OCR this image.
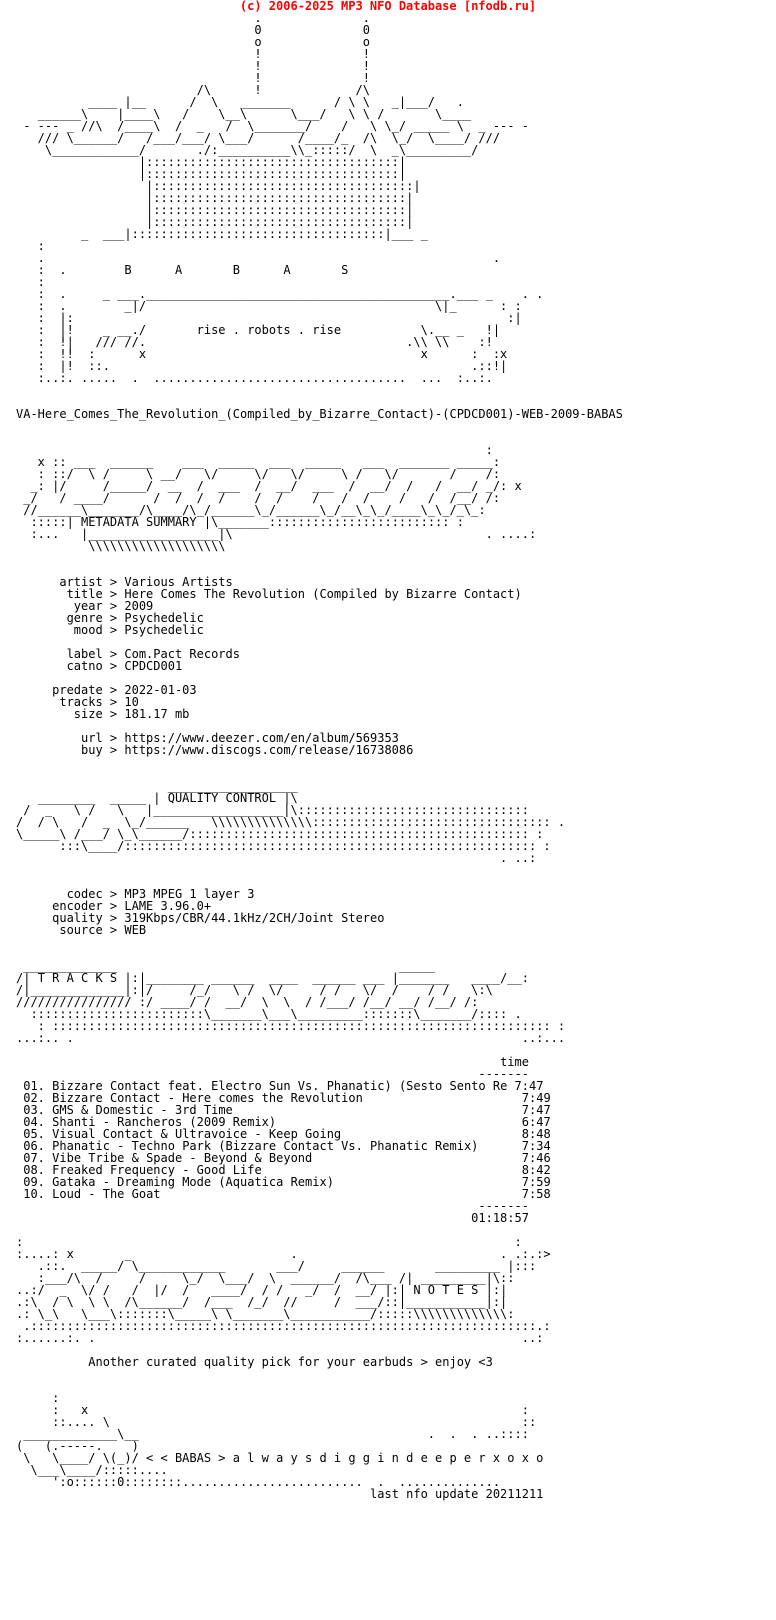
(c) 2006-2025 MP3 NFO Database [nfodb.ru]
.              .
0              0
o              o
!              !
!              !
!              !
/\      !             /\
____ |__      /  \   _______      / \ \   _|___/   .
______\    |____\   /    \__\      \___/   \ \ /       \____
- --- _ //\  /____\  /  _   /  \_______/    /   \ \_/ _____ \  _ --- -
/// \______/   /___/___/ \___/      /____/_  /\  \_/  \____/ ///
\____________/       ./:__________\\_:::::/  \  _\_________/
|:::::::::::::::::::::::::::::::::::|
|:::::::::::::::::::::::::::::::::::|
|::::::::::::::::::::::::::::::::::::|
|:::::::::::::::::::::::::::::::::::|
|:::::::::::::::::::::::::::::::::::|
|:::::::::::::::::::::::::::::::::::|
_  ___|:::::::::::::::::::::::::::::::::::|___ _
:
.                                                              .
:  .	B      A       B      A       S
:
:  .     _ ___.__________________________________________.___ _    . .
:  .        _|/                                        \|_      : :
:  |:                                                            :|
:  |!    _ __./	rise . robots . rise	\.__ _   !|
:  !|   /// //.                                    .\\ \\    :!
:  !!  :      x                                      x      :  :x
:  |!  ::.                                                  .::!|
:..:. .....  .  ...................................  ...  :..:.

VA-Here_Comes_The_Revolution_(Compiled_by_Bizarre_Contact)-(CPDCD001)-WEB-2009-BABAS

:
x :: ___  ______    ___  _____  ___  _____   ___  _______ _____:
: ::/  \ /     \ __/   \/     \/   \/     \ /   \/       /    /:
_: |/     /_____/  __  /  ___  /  __/  ___  /  __/  /   /  __/ _/: x
_/   / ____/      /  /  /  /    /  /    /   /  /    /   /  /__/ /:
//______\_______/\____/\_/______\_/______\_/__\_\_/____\_\_/_\_:
:::::| METADATA SUMMARY |\_______::::::::::::::::::::::::: :
:...   |__________________|\                                   . ....:
\\\\\\\\\\\\\\\\\\\

artist > Various Artists
title > Here Comes The Revolution (Compiled by Bizarre Contact)
year > 2009
genre > Psychedelic
mood > Psychedelic

label > Com.Pact Records
catno > CPDCD001

predate > 2022-01-03
tracks > 10
size > 181.17 mb

url > https://www.deezer.com/en/album/569353
buy > https://www.discogs.com/release/16738086

__________________
________  _____ | QUALITY CONTROL |\
/  _   \ /   \   |__________________|\::::::::::::::::::::::::::::::::
/  / \   /  _  \_/______   \\\\\\\\\\\\\\::::::::::::::::::::::::::::::::: .
\_____\ /___/ \_\______/::::::::::::::::::::::::::::::::::::::::::::::: :
:::\____/::::::::::::::::::::::::::::::::::::::::::::::::::::::::: :
. ..:

codec > MP3 MPEG 1 layer 3
encoder > LAME 3.96.0+
quality > 319Kbps/CBR/44.1kHz/2CH/Joint Stereo
source > WEB

_____________                                       _____
/| T R A C K S |:|________ ______  ____  ______ ___ |_______   ____/__:
/|_____________|:|/     /_/   \ /  \/     / /   \/  /    / /   \:\
//////////////// :/ ____/ /  __/  \  \  / /___/ /__/ __/ /__/ /:
::::::::::::::::::::::::\_______\___\_________:::::::\_______/:::: .
: ::::::::::::::::::::::::::::::::::::::::::::::::::::::::::::::::::::: :
...:.. .                                                              ..:...

time
-------
01. Bizzare Contact feat. Electro Sun Vs. Phanatic) (Sesto Sento Re 7:47
02. Bizzare Contact - Here comes the Revolution	7:49
03. GMS & Domestic - 3rd Time	7:47
04. Shanti - Rancheros (2009 Remix)	6:47
05. Visual Contact & Ultravoice - Keep Going	8:48
06. Phanatic - Techno Park (Bizzare Contact Vs. Phanatic Remix)	7:34
07. Vibe Tribe & Spade - Beyond & Beyond	7:46
08. Freaked Frequency - Good Life	8:42
09. Gataka - Dreaming Mode (Aquatica Remix)	7:59
10. Loud - The Goat	7:58
-------
01:18:57

:                                                                    :
:....: x       _                      .                            . .:.:>
.::.  _____/ \____________       ___/     ______       _________ |:::
:___/\  /     /     \_/  \___/  \  ______/  /\___ /| _________|\::
..:/  _  \/ /   /  |/  /   ____/  / /   _/  /  __/ |:| N O T E S |:|
.:\  / \  \ \  /\______/  /___  /_/  //     /  ___/::|___________|:|
.: \_\   \___\:::::::\_____\ \_______\___________/:::::\\\\\\\\\\\\\:
.::::::::::::::::::::::::::::::::::::::::::::::::::::::::::::::::::::::.:
:......:. .                                                           ..:

Another curated quality pick for your earbuds > enjoy <3

:
:   x                                                            :
::.... \                                                         ::
_____________\__                                        .  .  . ..::::
(   (.-----.    )
\   \____/ \(_)/ < < BABAS > a l w a y s d i g g i n d e e p e r x o x o
\___\____/:::::....
':o::::::0::::::::.........................  .  ..............
last nfo update 20211211
